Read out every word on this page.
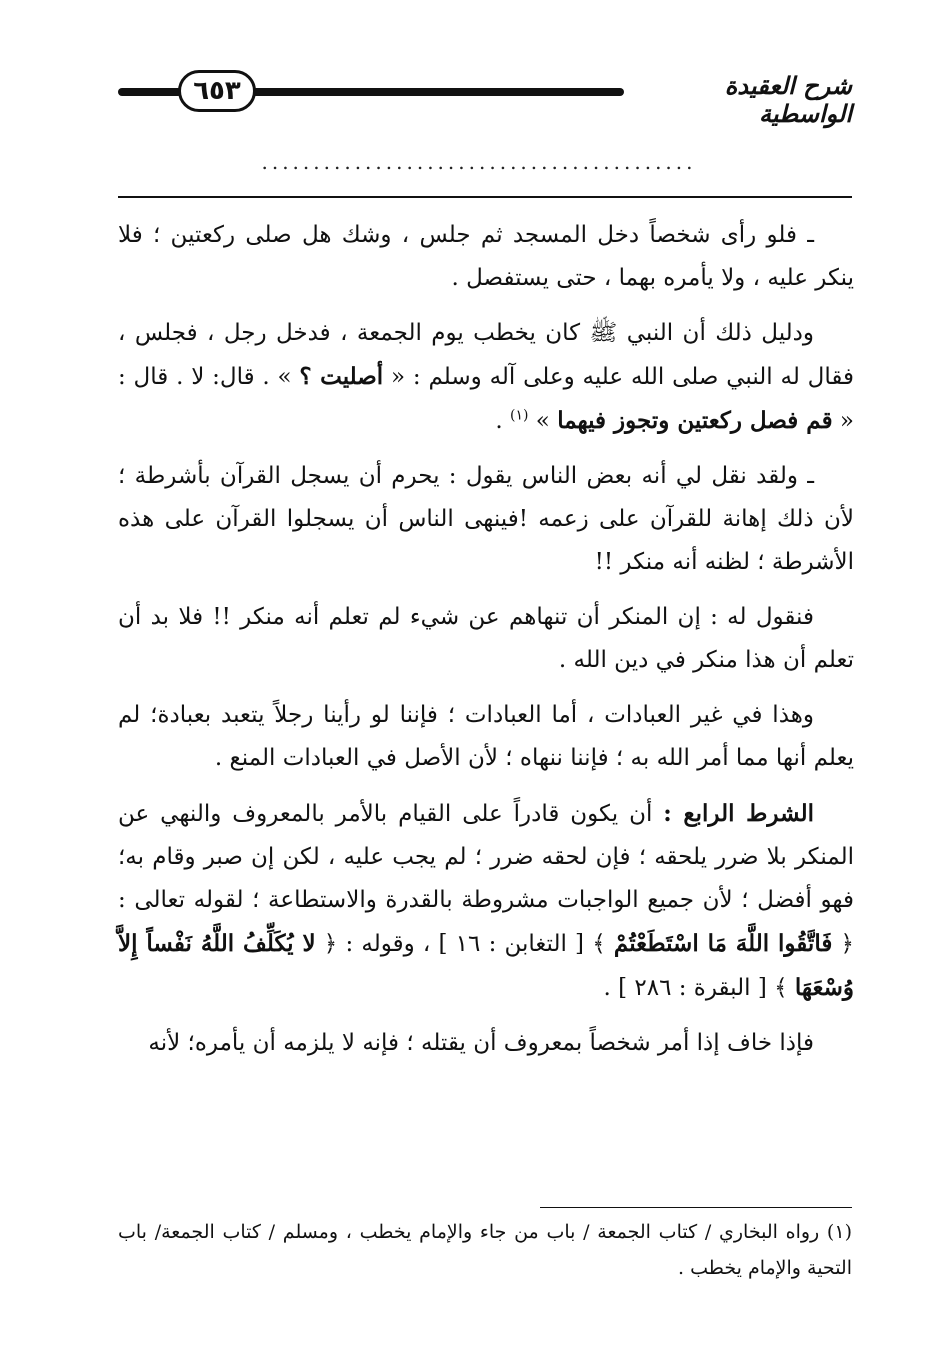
٦٥٣	شرح العقيدة الواسطية
..........................................

ـ فلو رأى شخصاً دخل المسجد ثم جلس ، وشك هل صلى ركعتين ؛ فلا ينكر عليه ، ولا يأمره بهما ، حتى يستفصل .

ودليل ذلك أن النبي ﷺ كان يخطب يوم الجمعة ، فدخل رجل ، فجلس ، فقال له النبي صلى الله عليه وعلى آله وسلم : « أصليت ؟ » . قال: لا . قال : « قم فصل ركعتين وتجوز فيهما » $^{(١)}$ .

ـ ولقد نقل لي أنه بعض الناس يقول : يحرم أن يسجل القرآن بأشرطة ؛ لأن ذلك إهانة للقرآن على زعمه !فينهى الناس أن يسجلوا القرآن على هذه الأشرطة ؛ لظنه أنه منكر !!

فنقول له : إن المنكر أن تنهاهم عن شيء لم تعلم أنه منكر !! فلا بد أن تعلم أن هذا منكر في دين الله .

وهذا في غير العبادات ، أما العبادات ؛ فإننا لو رأينا رجلاً يتعبد بعبادة؛ لم يعلم أنها مما أمر الله به ؛ فإننا ننهاه ؛ لأن الأصل في العبادات المنع .

الشرط الرابع : أن يكون قادراً على القيام بالأمر بالمعروف والنهي عن المنكر بلا ضرر يلحقه ؛ فإن لحقه ضرر ؛ لم يجب عليه ، لكن إن صبر وقام به؛ فهو أفضل ؛ لأن جميع الواجبات مشروطة بالقدرة والاستطاعة ؛ لقوله تعالى : ﴿ فَاتَّقُوا اللَّهَ مَا اسْتَطَعْتُمْ ﴾ [ التغابن : ١٦ ] ، وقوله : ﴿ لا يُكَلِّفُ اللَّهُ نَفْساً إِلاَّ وُسْعَهَا ﴾ [ البقرة : ٢٨٦ ] .

فإذا خاف إذا أمر شخصاً بمعروف أن يقتله ؛ فإنه لا يلزمه أن يأمره؛ لأنه

(١) رواه البخاري / كتاب الجمعة / باب من جاء والإمام يخطب ، ومسلم / كتاب الجمعة/ باب التحية والإمام يخطب .
